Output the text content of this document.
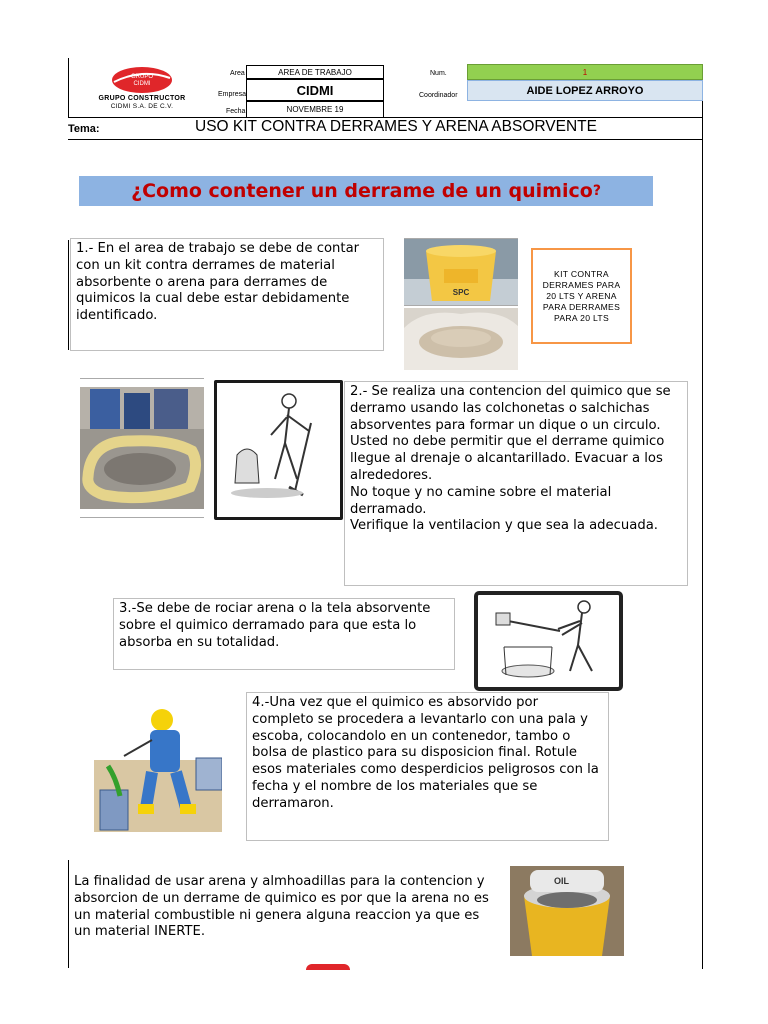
GRUPO
CIDMI
GRUPO CONSTRUCTOR
CIDMI S.A. DE C.V.
Area	AREA DE TRABAJO
Empresa	CIDMI
Fecha	NOVEMBRE 19
Num.	1
Coordinador	AIDE LOPEZ ARROYO
Tema:	USO KIT CONTRA DERRAMES Y ARENA ABSORVENTE
¿Como contener un derrame de un quimico ?

1.- En el area de trabajo se debe de contar con un kit contra derrames de material absorbente o arena para derrames de quimicos la cual debe estar debidamente identificado.

SPC
KIT CONTRA DERRAMES PARA 20 LTS Y ARENA PARA DERRAMES PARA 20 LTS

2.- Se realiza una contencion del quimico que se derramo usando las colchonetas o salchichas absorventes para formar un dique o un circulo. Usted no debe permitir que el derrame quimico llegue al drenaje o alcantarillado. Evacuar a los alrededores.

No toque y no camine sobre el material derramado.

Verifique la ventilacion y que sea la adecuada.

3.-Se debe de rociar arena o la tela absorvente sobre el quimico derramado para que esta lo absorba en su totalidad.

4.-Una vez que el quimico es absorvido por completo se procedera a levantarlo con una pala y escoba, colocandolo en un contenedor, tambo o bolsa de plastico para su disposicion final. Rotule esos materiales como desperdicios peligrosos con la fecha y el nombre de los materiales que se derramaron.

La finalidad de usar arena y almhoadillas para la contencion y absorcion de un derrame de quimico es por que la arena no es un material combustible ni genera alguna reaccion ya que es un material INERTE.
OIL
